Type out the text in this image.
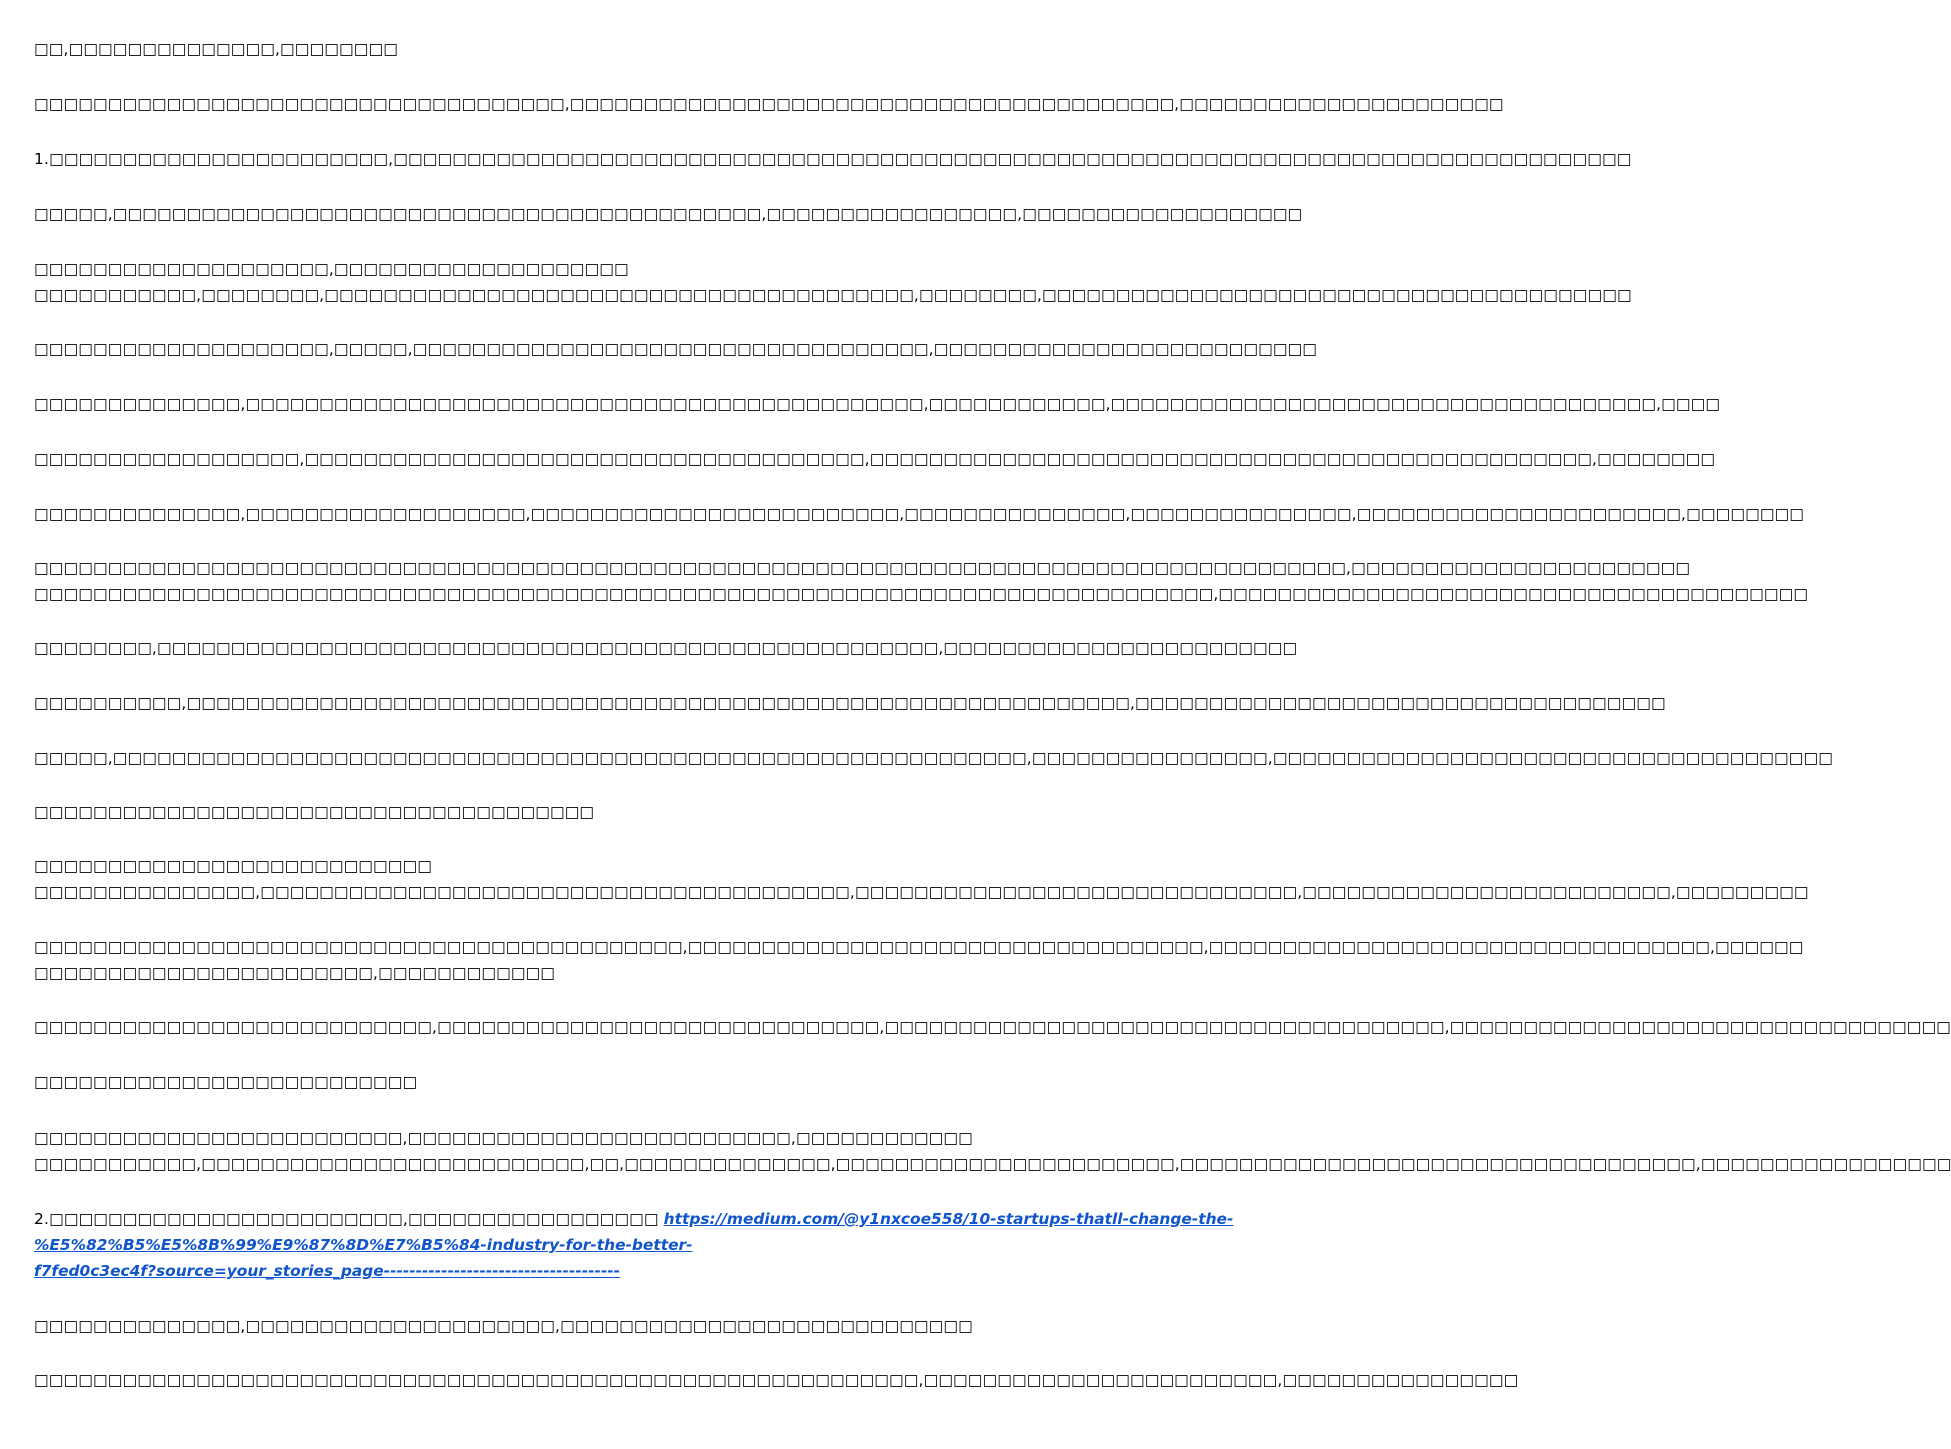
□□,□□□□□□□□□□□□□□,□□□□□□□□
□□□□□□□□□□□□□□□□□□□□□□□□□□□□□□□□□□□□,□□□□□□□□□□□□□□□□□□□□□□□□□□□□□□□□□□□□□□□□□,□□□□□□□□□□□□□□□□□□□□□□
1.□□□□□□□□□□□□□□□□□□□□□□□,□□□□□□□□□□□□□□□□□□□□□□□□□□□□□□□□□□□□□□□□□□□□□□□□□□□□□□□□□□□□□□□□□□□□□□□□□□□□□□□□□□□□
□□□□□,□□□□□□□□□□□□□□□□□□□□□□□□□□□□□□□□□□□□□□□□□□□□,□□□□□□□□□□□□□□□□□,□□□□□□□□□□□□□□□□□□□
□□□□□□□□□□□□□□□□□□□□,□□□□□□□□□□□□□□□□□□□□
□□□□□□□□□□□,□□□□□□□□,□□□□□□□□□□□□□□□□□□□□□□□□□□□□□□□□□□□□□□□□,□□□□□□□□,□□□□□□□□□□□□□□□□□□□□□□□□□□□□□□□□□□□□□□□□
□□□□□□□□□□□□□□□□□□□□,□□□□□,□□□□□□□□□□□□□□□□□□□□□□□□□□□□□□□□□□□,□□□□□□□□□□□□□□□□□□□□□□□□□□
□□□□□□□□□□□□□□,□□□□□□□□□□□□□□□□□□□□□□□□□□□□□□□□□□□□□□□□□□□□□□,□□□□□□□□□□□□,□□□□□□□□□□□□□□□□□□□□□□□□□□□□□□□□□□□□□,□□□□
□□□□□□□□□□□□□□□□□□,□□□□□□□□□□□□□□□□□□□□□□□□□□□□□□□□□□□□□□,□□□□□□□□□□□□□□□□□□□□□□□□□□□□□□□□□□□□□□□□□□□□□□□□□,□□□□□□□□
□□□□□□□□□□□□□□,□□□□□□□□□□□□□□□□□□□,□□□□□□□□□□□□□□□□□□□□□□□□□,□□□□□□□□□□□□□□□,□□□□□□□□□□□□□□□,□□□□□□□□□□□□□□□□□□□□□□,□□□□□□□□
□□□□□□□□□□□□□□□□□□□□□□□□□□□□□□□□□□□□□□□□□□□□□□□□□□□□□□□□□□□□□□□□□□□□□□□□□□□□□□□□□□□□□□□□□,□□□□□□□□□□□□□□□□□□□□□□□
□□□□□□□□□□□□□□□□□□□□□□□□□□□□□□□□□□□□□□□□□□□□□□□□□□□□□□□□□□□□□□□□□□□□□□□□□□□□□□□□,□□□□□□□□□□□□□□□□□□□□□□□□□□□□□□□□□□□□□□□□
□□□□□□□□,□□□□□□□□□□□□□□□□□□□□□□□□□□□□□□□□□□□□□□□□□□□□□□□□□□□□□,□□□□□□□□□□□□□□□□□□□□□□□□
□□□□□□□□□□,□□□□□□□□□□□□□□□□□□□□□□□□□□□□□□□□□□□□□□□□□□□□□□□□□□□□□□□□□□□□□□□□,□□□□□□□□□□□□□□□□□□□□□□□□□□□□□□□□□□□□
□□□□□,□□□□□□□□□□□□□□□□□□□□□□□□□□□□□□□□□□□□□□□□□□□□□□□□□□□□□□□□□□□□□□,□□□□□□□□□□□□□□□□,□□□□□□□□□□□□□□□□□□□□□□□□□□□□□□□□□□□□□□
□□□□□□□□□□□□□□□□□□□□□□□□□□□□□□□□□□□□□□
□□□□□□□□□□□□□□□□□□□□□□□□□□□
□□□□□□□□□□□□□□□,□□□□□□□□□□□□□□□□□□□□□□□□□□□□□□□□□□□□□□□□,□□□□□□□□□□□□□□□□□□□□□□□□□□□□□□,□□□□□□□□□□□□□□□□□□□□□□□□□,□□□□□□□□□
□□□□□□□□□□□□□□□□□□□□□□□□□□□□□□□□□□□□□□□□□□□□,□□□□□□□□□□□□□□□□□□□□□□□□□□□□□□□□□□□,□□□□□□□□□□□□□□□□□□□□□□□□□□□□□□□□□□,□□□□□□
□□□□□□□□□□□□□□□□□□□□□□□,□□□□□□□□□□□□
□□□□□□□□□□□□□□□□□□□□□□□□□□□,□□□□□□□□□□□□□□□□□□□□□□□□□□□□□□,□□□□□□□□□□□□□□□□□□□□□□□□□□□□□□□□□□□□□□,□□□□□□□□□□□□□□□□□□□□□□□□□□□□□□□□□□
□□□□□□□□□□□□□□□□□□□□□□□□□□
□□□□□□□□□□□□□□□□□□□□□□□□□,□□□□□□□□□□□□□□□□□□□□□□□□□□,□□□□□□□□□□□□
□□□□□□□□□□□,□□□□□□□□□□□□□□□□□□□□□□□□□□,□□,□□□□□□□□□□□□□□,□□□□□□□□□□□□□□□□□□□□□□□,□□□□□□□□□□□□□□□□□□□□□□□□□□□□□□□□□□□,□□□□□□□□□□□□□□□□□
2.□□□□□□□□□□□□□□□□□□□□□□□□,□□□□□□□□□□□□□□□□□ https://medium.com/@y1nxcoe558/10-startups-thatll-change-the-
%E5%82%B5%E5%8B%99%E9%87%8D%E7%B5%84-industry-for-the-better-
f7fed0c3ec4f?source=your_stories_page-------------------------------------
□□□□□□□□□□□□□□,□□□□□□□□□□□□□□□□□□□□□,□□□□□□□□□□□□□□□□□□□□□□□□□□□□
□□□□□□□□□□□□□□□□□□□□□□□□□□□□□□□□□□□□□□□□□□□□□□□□□□□□□□□□□□□□,□□□□□□□□□□□□□□□□□□□□□□□□,□□□□□□□□□□□□□□□□
